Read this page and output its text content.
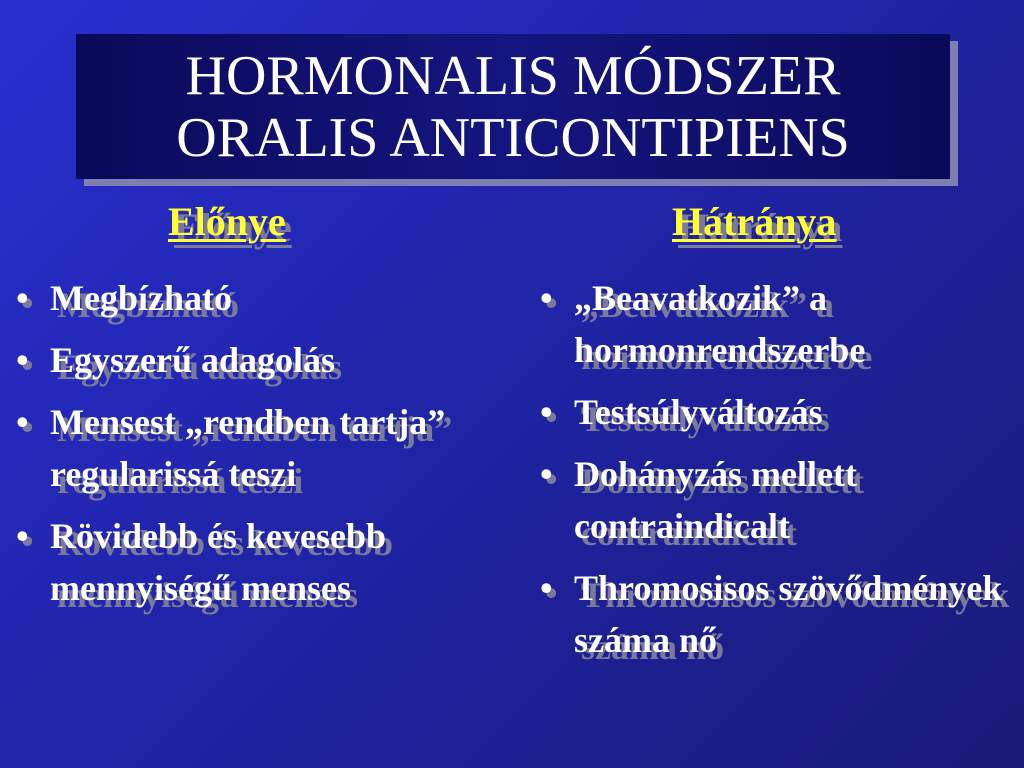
HORMONALIS MÓDSZER
ORALIS ANTICONTIPIENS
Előnye	Hátránya
• Megbízható
• Egyszerű adagolás
• Mensest „rendben tartja” regularissá teszi
• Rövidebb és kevesebb mennyiségű menses
• „Beavatkozik” a hormonrendszerbe
• Testsúlyváltozás
• Dohányzás mellett contraindicalt
• Thromosisos szövődmények száma nő
